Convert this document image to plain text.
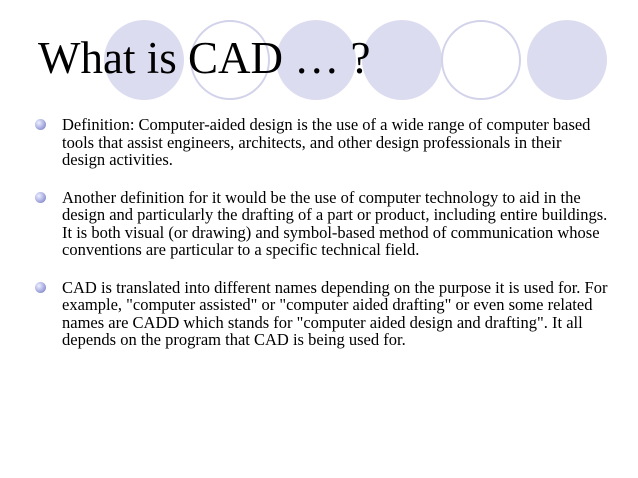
What is CAD … ?
Definition: Computer-aided design is the use of a wide range of computer based tools that assist engineers, architects, and other design professionals in their design activities.
Another definition for it would be the use of computer technology to aid in the design and particularly the drafting of a part or product, including entire buildings. It is both visual (or drawing) and symbol-based method of communication whose conventions are particular to a specific technical field.
CAD is translated into different names depending on the purpose it is used for. For example, "computer assisted" or "computer aided drafting" or even some related names are CADD which stands for "computer aided design and drafting". It all depends on the program that CAD is being used for.
